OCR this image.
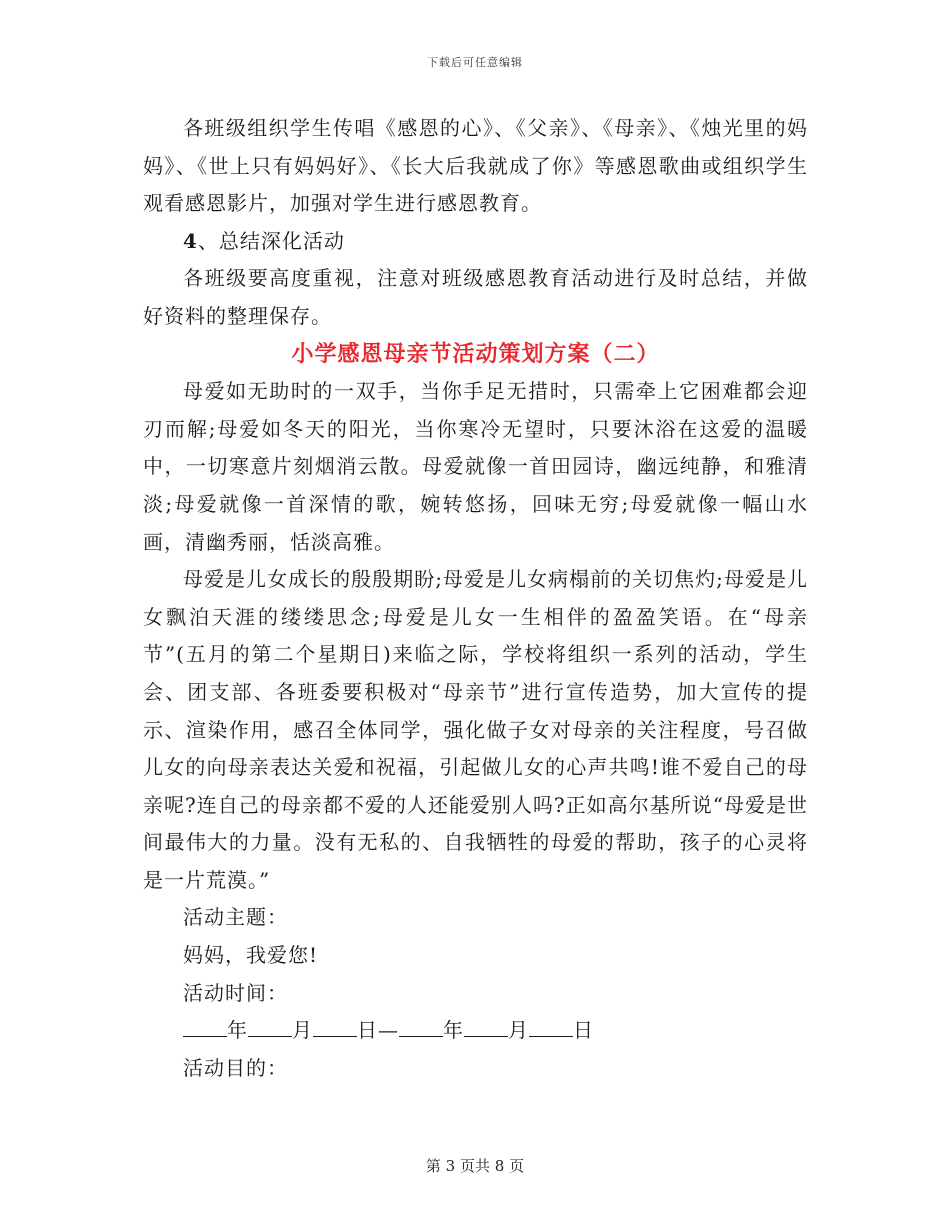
下载后可任意编辑

各班级组织学生传唱《感恩的心》、《父亲》、《母亲》、《烛光里的妈妈》、《世上只有妈妈好》、《长大后我就成了你》等感恩歌曲或组织学生观看感恩影片，加强对学生进行感恩教育。

4、总结深化活动

各班级要高度重视，注意对班级感恩教育活动进行及时总结，并做好资料的整理保存。

小学感恩母亲节活动策划方案（二）

母爱如无助时的一双手，当你手足无措时，只需牵上它困难都会迎刃而解;母爱如冬天的阳光，当你寒冷无望时，只要沐浴在这爱的温暖中，一切寒意片刻烟消云散。母爱就像一首田园诗，幽远纯静，和雅清淡;母爱就像一首深情的歌，婉转悠扬，回味无穷;母爱就像一幅山水画，清幽秀丽，恬淡高雅。

母爱是儿女成长的殷殷期盼;母爱是儿女病榻前的关切焦灼;母爱是儿女飘泊天涯的缕缕思念;母爱是儿女一生相伴的盈盈笑语。在“母亲节”(五月的第二个星期日)来临之际，学校将组织一系列的活动，学生会、团支部、各班委要积极对“母亲节”进行宣传造势，加大宣传的提示、渲染作用，感召全体同学，强化做子女对母亲的关注程度，号召做儿女的向母亲表达关爱和祝福，引起做儿女的心声共鸣!谁不爱自己的母亲呢?连自己的母亲都不爱的人还能爱别人吗?正如高尔基所说“母爱是世间最伟大的力量。没有无私的、自我牺牲的母爱的帮助，孩子的心灵将是一片荒漠。”

活动主题：

妈妈，我爱您!

活动时间：

年 月 日— 年 月 日

活动目的：

第 3 页共 8 页
